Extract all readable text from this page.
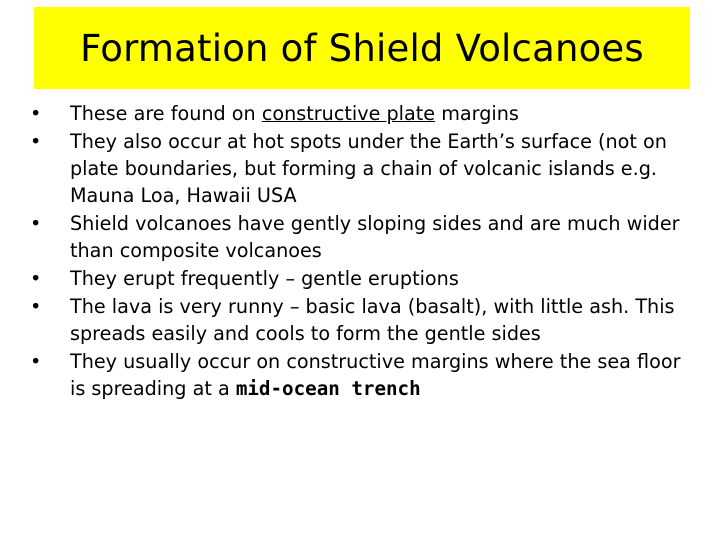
Formation of Shield Volcanoes
•	These are found on constructive plate margins
•	They also occur at hot spots under the Earth’s surface (not on plate boundaries, but forming a chain of volcanic islands e.g. Mauna Loa, Hawaii USA
•	Shield volcanoes have gently sloping sides and are much wider than composite volcanoes
•	They erupt frequently – gentle eruptions
•	The lava is very runny – basic lava (basalt), with little ash. This spreads easily and cools to form the gentle sides
•	They usually occur on constructive margins where the sea floor is spreading at a mid-ocean trench
